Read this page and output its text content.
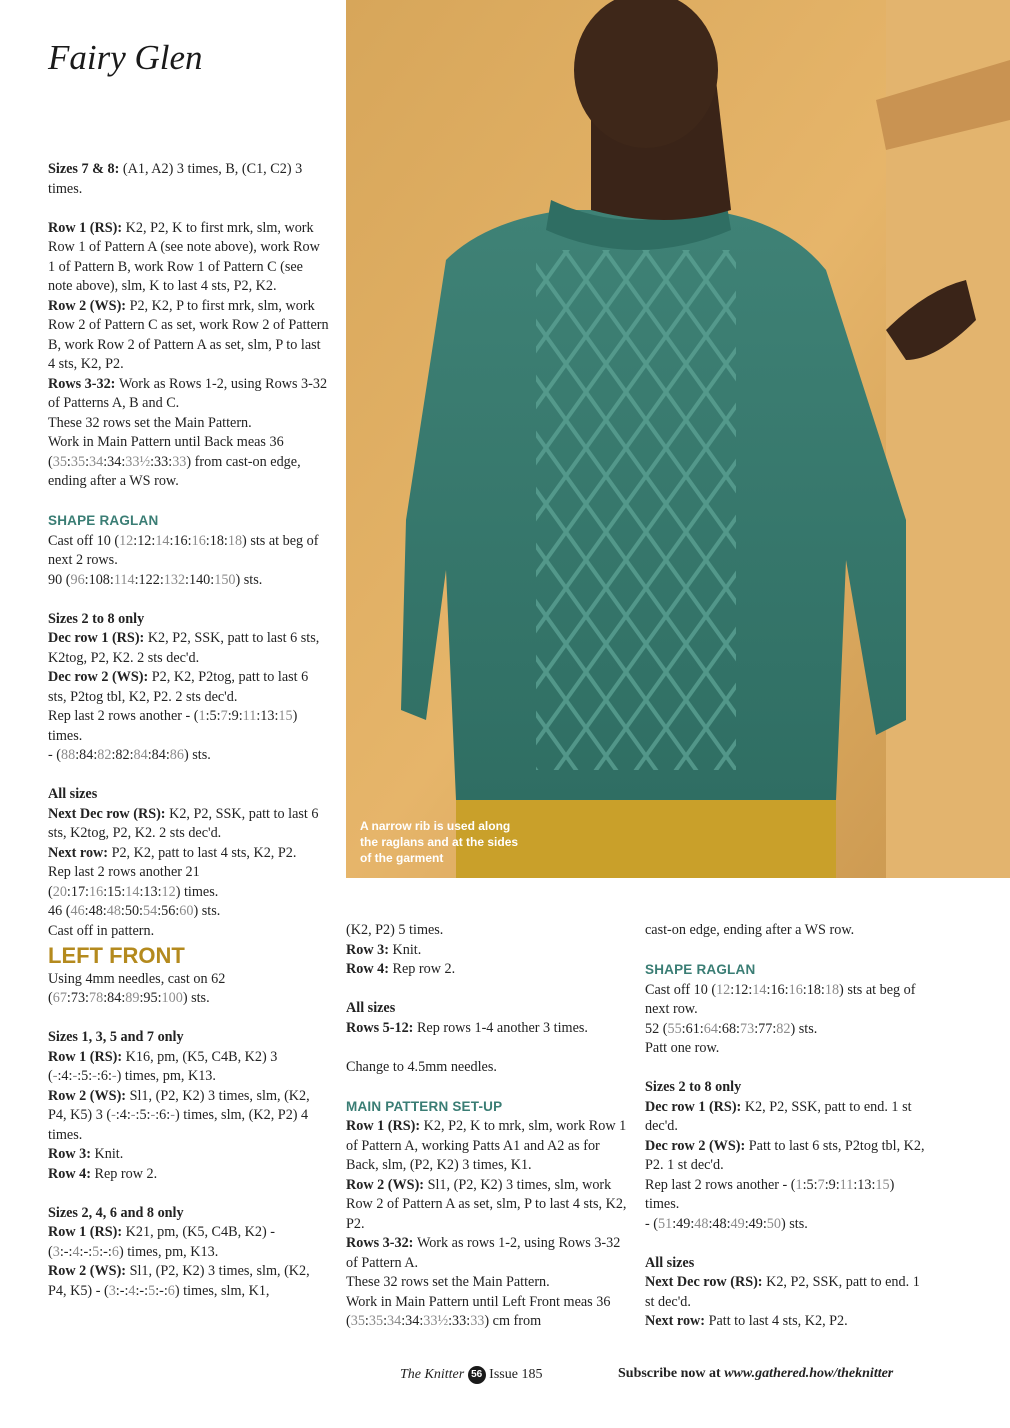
Fairy Glen

Sizes 7 & 8: (A1, A2) 3 times, B, (C1, C2) 3 times.

Row 1 (RS): K2, P2, K to first mrk, slm, work Row 1 of Pattern A (see note above), work Row 1 of Pattern B, work Row 1 of Pattern C (see note above), slm, K to last 4 sts, P2, K2.

Row 2 (WS): P2, K2, P to first mrk, slm, work Row 2 of Pattern C as set, work Row 2 of Pattern B, work Row 2 of Pattern A as set, slm, P to last 4 sts, K2, P2.

Rows 3-32: Work as Rows 1-2, using Rows 3-32 of Patterns A, B and C.

These 32 rows set the Main Pattern.

Work in Main Pattern until Back meas 36 (35:35:34:34:33½:33:33) from cast-on edge, ending after a WS row.

SHAPE RAGLAN

Cast off 10 (12:12:14:16:16:18:18) sts at beg of next 2 rows.

90 (96:108:114:122:132:140:150) sts.

Sizes 2 to 8 only

Dec row 1 (RS): K2, P2, SSK, patt to last 6 sts, K2tog, P2, K2. 2 sts dec'd.

Dec row 2 (WS): P2, K2, P2tog, patt to last 6 sts, P2tog tbl, K2, P2. 2 sts dec'd.

Rep last 2 rows another - (1:5:7:9:11:13:15) times.

- (88:84:82:82:84:84:86) sts.

All sizes

Next Dec row (RS): K2, P2, SSK, patt to last 6 sts, K2tog, P2, K2. 2 sts dec'd.

Next row: P2, K2, patt to last 4 sts, K2, P2.

Rep last 2 rows another 21 (20:17:16:15:14:13:12) times.

46 (46:48:48:50:54:56:60) sts.

Cast off in pattern.

LEFT FRONT

Using 4mm needles, cast on 62 (67:73:78:84:89:95:100) sts.

Sizes 1, 3, 5 and 7 only

Row 1 (RS): K16, pm, (K5, C4B, K2) 3 (-:4:-:5:-:6:-) times, pm, K13.

Row 2 (WS): Sl1, (P2, K2) 3 times, slm, (K2, P4, K5) 3 (-:4:-:5:-:6:-) times, slm, (K2, P2) 4 times.

Row 3: Knit.

Row 4: Rep row 2.

Sizes 2, 4, 6 and 8 only

Row 1 (RS): K21, pm, (K5, C4B, K2) - (3:-:4:-:5:-:6) times, pm, K13.

Row 2 (WS): Sl1, (P2, K2) 3 times, slm, (K2, P4, K5) - (3:-:4:-:5:-:6) times, slm, K1,

(K2, P2) 5 times.

Row 3: Knit.

Row 4: Rep row 2.

All sizes

Rows 5-12: Rep rows 1-4 another 3 times.

Change to 4.5mm needles.

MAIN PATTERN SET-UP

Row 1 (RS): K2, P2, K to mrk, slm, work Row 1 of Pattern A, working Patts A1 and A2 as for Back, slm, (P2, K2) 3 times, K1.

Row 2 (WS): Sl1, (P2, K2) 3 times, slm, work Row 2 of Pattern A as set, slm, P to last 4 sts, K2, P2.

Rows 3-32: Work as rows 1-2, using Rows 3-32 of Pattern A.

These 32 rows set the Main Pattern.

Work in Main Pattern until Left Front meas 36 (35:35:34:34:33½:33:33) cm from

cast-on edge, ending after a WS row.

SHAPE RAGLAN

Cast off 10 (12:12:14:16:16:18:18) sts at beg of next row.

52 (55:61:64:68:73:77:82) sts.

Patt one row.

Sizes 2 to 8 only

Dec row 1 (RS): K2, P2, SSK, patt to end. 1 st dec'd.

Dec row 2 (WS): Patt to last 6 sts, P2tog tbl, K2, P2. 1 st dec'd.

Rep last 2 rows another - (1:5:7:9:11:13:15) times.

- (51:49:48:48:49:49:50) sts.

All sizes

Next Dec row (RS): K2, P2, SSK, patt to end. 1 st dec'd.

Next row: Patt to last 4 sts, K2, P2.

A narrow rib is used along the raglans and at the sides of the garment
The Knitter 56 Issue 185	Subscribe now at www.gathered.how/theknitter
